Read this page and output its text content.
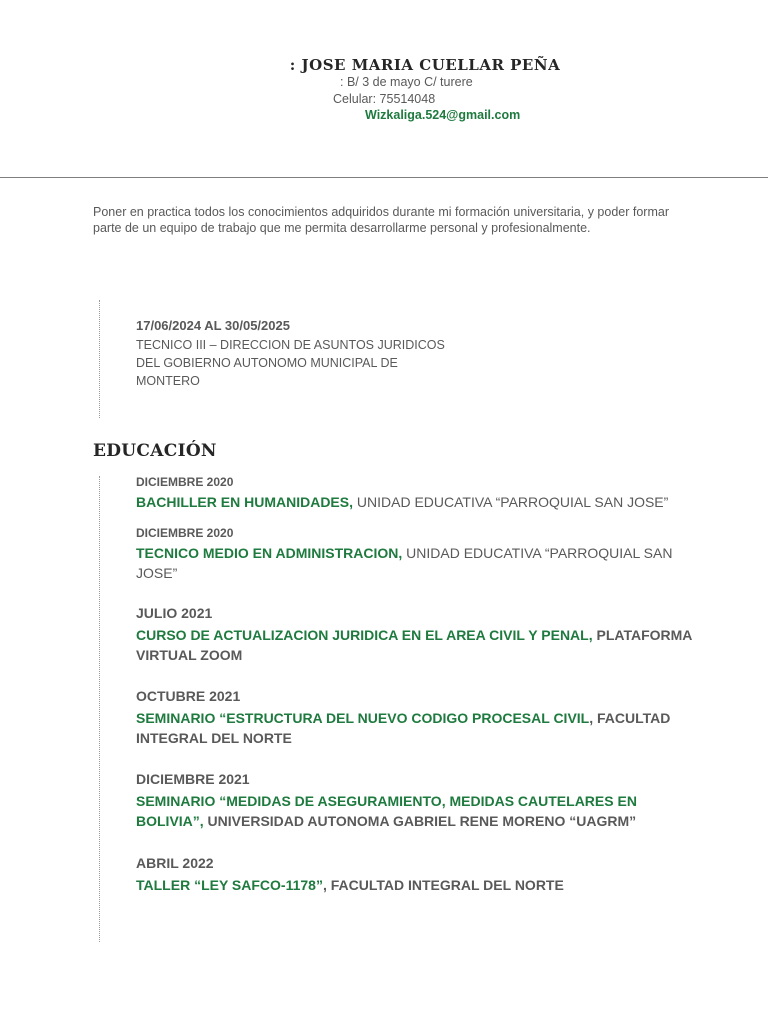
: JOSE MARIA CUELLAR PEÑA
: B/ 3 de mayo C/ turere
Celular: 75514048
Wizkaliga.524@gmail.com
Poner en practica todos los conocimientos adquiridos durante mi formación universitaria, y poder formar parte de un equipo de trabajo que me permita desarrollarme personal y profesionalmente.
17/06/2024 AL 30/05/2025
TECNICO III – DIRECCION DE ASUNTOS JURIDICOS DEL GOBIERNO AUTONOMO MUNICIPAL DE MONTERO
EDUCACIÓN
DICIEMBRE 2020
BACHILLER EN HUMANIDADES, UNIDAD EDUCATIVA “PARROQUIAL SAN JOSE”
DICIEMBRE 2020
TECNICO MEDIO EN ADMINISTRACION, UNIDAD EDUCATIVA “PARROQUIAL SAN JOSE”
JULIO 2021
CURSO DE ACTUALIZACION JURIDICA EN EL AREA CIVIL Y PENAL, PLATAFORMA VIRTUAL ZOOM
OCTUBRE 2021
SEMINARIO “ESTRUCTURA DEL NUEVO CODIGO PROCESAL CIVIL, FACULTAD INTEGRAL DEL NORTE
DICIEMBRE 2021
SEMINARIO “MEDIDAS DE ASEGURAMIENTO, MEDIDAS CAUTELARES EN BOLIVIA”, UNIVERSIDAD AUTONOMA GABRIEL RENE MORENO “UAGRM”
ABRIL 2022
TALLER “LEY SAFCO-1178”, FACULTAD INTEGRAL DEL NORTE
